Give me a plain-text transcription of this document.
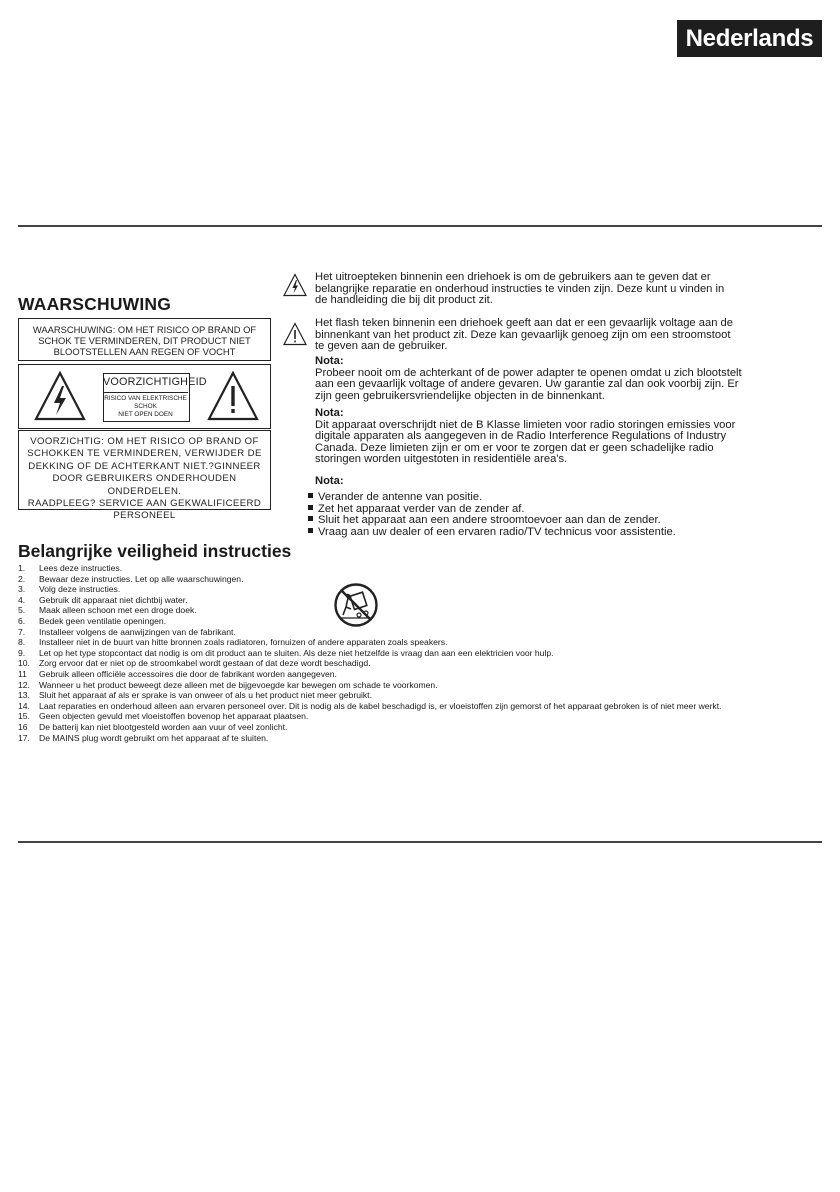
Nederlands
WAARSCHUWING
WAARSCHUWING: OM HET RISICO OP BRAND OF
SCHOK TE VERMINDEREN, DIT PRODUCT NIET
BLOOTSTELLEN AAN REGEN OF VOCHT
VOORZICHTIGHEID
RISICO VAN ELEKTRISCHE SCHOK
NIET OPEN DOEN
VOORZICHTIG: OM HET RISICO OP BRAND OF
SCHOKKEN TE VERMINDEREN, VERWIJDER DE
DEKKING OF DE ACHTERKANT NIET.?GINNEER
DOOR GEBRUIKERS ONDERHOUDEN ONDERDELEN.
RAADPLEEG? SERVICE AAN GEKWALIFICEERD
PERSONEEL
Het uitroepteken binnenin een driehoek is om de gebruikers aan te geven dat er
belangrijke reparatie en onderhoud instructies te vinden zijn. Deze kunt u vinden in
de handleiding die bij dit product zit.
Het flash teken binnenin een driehoek geeft aan dat er een gevaarlijk voltage aan de
binnenkant van het product zit. Deze kan gevaarlijk genoeg zijn om een stroomstoot
te geven aan de gebruiker.
Nota:
Probeer nooit om de achterkant of de power adapter te openen omdat u zich blootstelt
aan een gevaarlijk voltage of andere gevaren. Uw garantie zal dan ook voorbij zijn. Er
zijn geen gebruikersvriendelijke objecten in de binnenkant.
Nota:
Dit apparaat overschrijdt niet de B Klasse limieten voor radio storingen emissies voor
digitale apparaten als aangegeven in de Radio Interference Regulations of Industry
Canada. Deze limieten zijn er om er voor te zorgen dat er geen schadelijke radio
storingen worden uitgestoten in residentiële area's.
Nota:
Verander de antenne van positie.
Zet het apparaat verder van de zender af.
Sluit het apparaat aan een andere stroomtoevoer aan dan de zender.
Vraag aan uw dealer of een ervaren radio/TV technicus voor assistentie.
Belangrijke veiligheid instructies
1. Lees deze instructies.
2. Bewaar deze instructies. Let op alle waarschuwingen.
3. Volg deze instructies.
4. Gebruik dit apparaat niet dichtbij water.
5. Maak alleen schoon met een droge doek.
6. Bedek geen ventilatie openingen.
7. Installeer volgens de aanwijzingen van de fabrikant.
8. Installeer niet in de buurt van hitte bronnen zoals radiatoren, fornuizen of andere apparaten zoals speakers.
9. Let op het type stopcontact dat nodig is om dit product aan te sluiten. Als deze niet hetzelfde is vraag dan aan een elektricien voor hulp.
10. Zorg ervoor dat er niet op de stroomkabel wordt gestaan of dat deze wordt beschadigd.
11 Gebruik alleen officiële accessoires die door de fabrikant worden aangegeven.
12. Wanneer u het product beweegt deze alleen met de bijgevoegde kar bewegen om schade te voorkomen.
13. Sluit het apparaat af als er sprake is van onweer of als u het product niet meer gebruikt.
14. Laat reparaties en onderhoud alleen aan ervaren personeel over. Dit is nodig als de kabel beschadigd is, er vloeistoffen zijn gemorst of het apparaat gebroken is of niet meer werkt.
15. Geen objecten gevuld met vloeistoffen bovenop het apparaat plaatsen.
16 De batterij kan niet blootgesteld worden aan vuur of veel zonlicht.
17. De MAINS plug wordt gebruikt om het apparaat af te sluiten.
